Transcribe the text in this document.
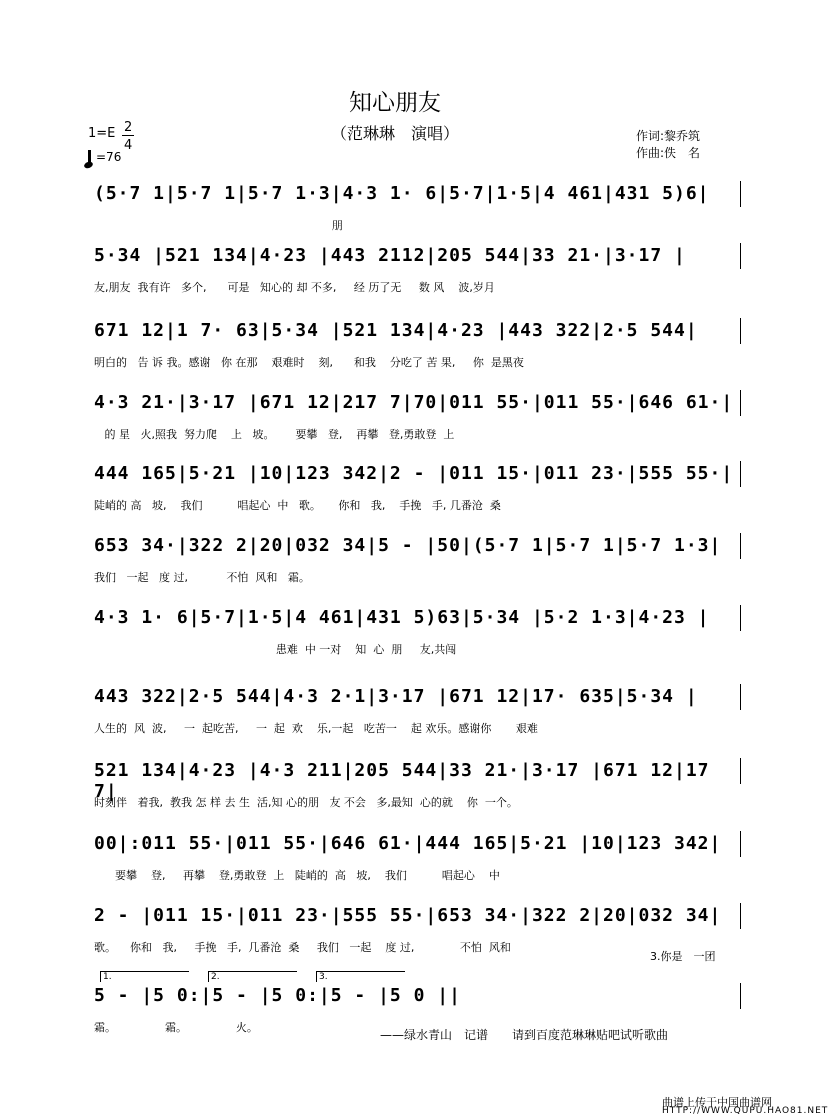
知心朋友
（范琳琳　演唱）	作词:黎乔筑
作曲:佚　名
1=E 2
4
=76
(5·7 1|5·7 1|5·7 1·3|4·3 1· 6|5·7|1·5|4 461|431 5)6|
朋
5·34 |521 134|4·23 |443 2112|205 544|33 21·|3·17 |
友,朋友  我有许   多个,      可是   知心的 却 不多,     经 历了无     数 风    波,岁月
671 12|1 7· 63|5·34 |521 134|4·23 |443 322|2·5 544|
明白的   告 诉 我。感谢   你 在那    艰难时    刻,      和我    分吃了 苦 果,     你  是黑夜
4·3 21·|3·17 |671 12|217 7|70|011 55·|011 55·|646 61·|
的 星   火,照我  努力爬    上   坡。      要攀   登,    再攀   登,勇敢登  上
444 165|5·21 |10|123 342|2 - |011 15·|011 23·|555 55·|
陡峭的 高   坡,    我们          唱起心  中   歌。     你和   我,    手挽   手, 几番沧  桑
653 34·|322 2|20|032 34|5 - |50|(5·7 1|5·7 1|5·7 1·3|
我们   一起   度 过,           不怕  风和   霜。
4·3 1· 6|5·7|1·5|4 461|431 5)63|5·34 |5·2 1·3|4·23 |
患难  中 一对    知  心  朋     友,共闯
443 322|2·5 544|4·3 2·1|3·17 |671 12|17· 635|5·34 |
人生的  风  波,     一  起吃苦,     一  起  欢    乐,一起   吃苦一    起 欢乐。感谢你       艰难
521 134|4·23 |4·3 211|205 544|33 21·|3·17 |671 12|17 7|
时刻伴   着我,  教我 怎 样 去 生  活,知 心的朋   友 不会   多,最知  心的就    你  一个。
00|:011 55·|011 55·|646 61·|444 165|5·21 |10|123 342|
要攀    登,     再攀    登,勇敢登  上   陡峭的  高   坡,    我们          唱起心    中
2 - |011 15·|011 23·|555 55·|653 34·|322 2|20|032 34|
歌。    你和   我,     手挽   手,  几番沧  桑     我们   一起    度 过,             不怕  风和
5 - |5 0:|5 - |5 0:|5 - |5 0 ||
霜。              霜。              火。
1.	2.	3.
3.你是　一团
——绿水青山　记谱　　请到百度范琳琳贴吧试听歌曲
曲谱上传于中国曲谱网
HTTP://WWW.QUPU.HAO81.NET
